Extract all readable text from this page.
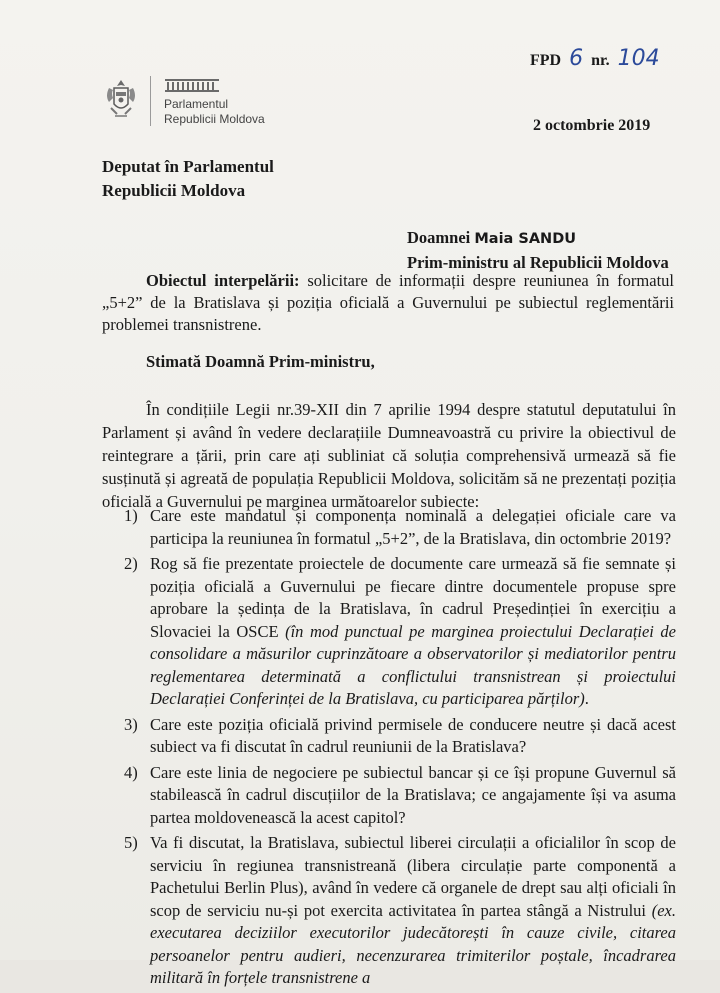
Parlamentul
Republicii Moldova
FPD 6 nr. 104
2 octombrie 2019
Deputat în Parlamentul
Republicii Moldova
Doamnei Maia SANDU
Prim-ministru al Republicii Moldova
Obiectul interpelării: solicitare de informații despre reuniunea în formatul „5+2” de la Bratislava și poziția oficială a Guvernului pe subiectul reglementării problemei transnistrene.
Stimată Doamnă Prim-ministru,
În condițiile Legii nr.39-XII din 7 aprilie 1994 despre statutul deputatului în Parlament și având în vedere declarațiile Dumneavoastră cu privire la obiectivul de reintegrare a țării, prin care ați subliniat că soluția comprehensivă urmează să fie susținută și agreată de populația Republicii Moldova, solicităm să ne prezentați poziția oficială a Guvernului pe marginea următoarelor subiecte:
1) Care este mandatul și componența nominală a delegației oficiale care va participa la reuniunea în formatul „5+2”, de la Bratislava, din octombrie 2019?
2) Rog să fie prezentate proiectele de documente care urmează să fie semnate și poziția oficială a Guvernului pe fiecare dintre documentele propuse spre aprobare la ședința de la Bratislava, în cadrul Președinției în exercițiu a Slovaciei la OSCE (în mod punctual pe marginea proiectului Declarației de consolidare a măsurilor cuprinzătoare a observatorilor și mediatorilor pentru reglementarea determinată a conflictului transnistrean și proiectului Declarației Conferinței de la Bratislava, cu participarea părților).
3) Care este poziția oficială privind permisele de conducere neutre și dacă acest subiect va fi discutat în cadrul reuniunii de la Bratislava?
4) Care este linia de negociere pe subiectul bancar și ce își propune Guvernul să stabilească în cadrul discuțiilor de la Bratislava; ce angajamente își va asuma partea moldovenească la acest capitol?
5) Va fi discutat, la Bratislava, subiectul liberei circulații a oficialilor în scop de serviciu în regiunea transnistreană (libera circulație parte componentă a Pachetului Berlin Plus), având în vedere că organele de drept sau alți oficiali în scop de serviciu nu-și pot exercita activitatea în partea stângă a Nistrului (ex. executarea deciziilor executorilor judecătorești în cauze civile, citarea persoanelor pentru audieri, necenzurarea trimiterilor poștale, încadrarea militară în forțele transnistrene a
